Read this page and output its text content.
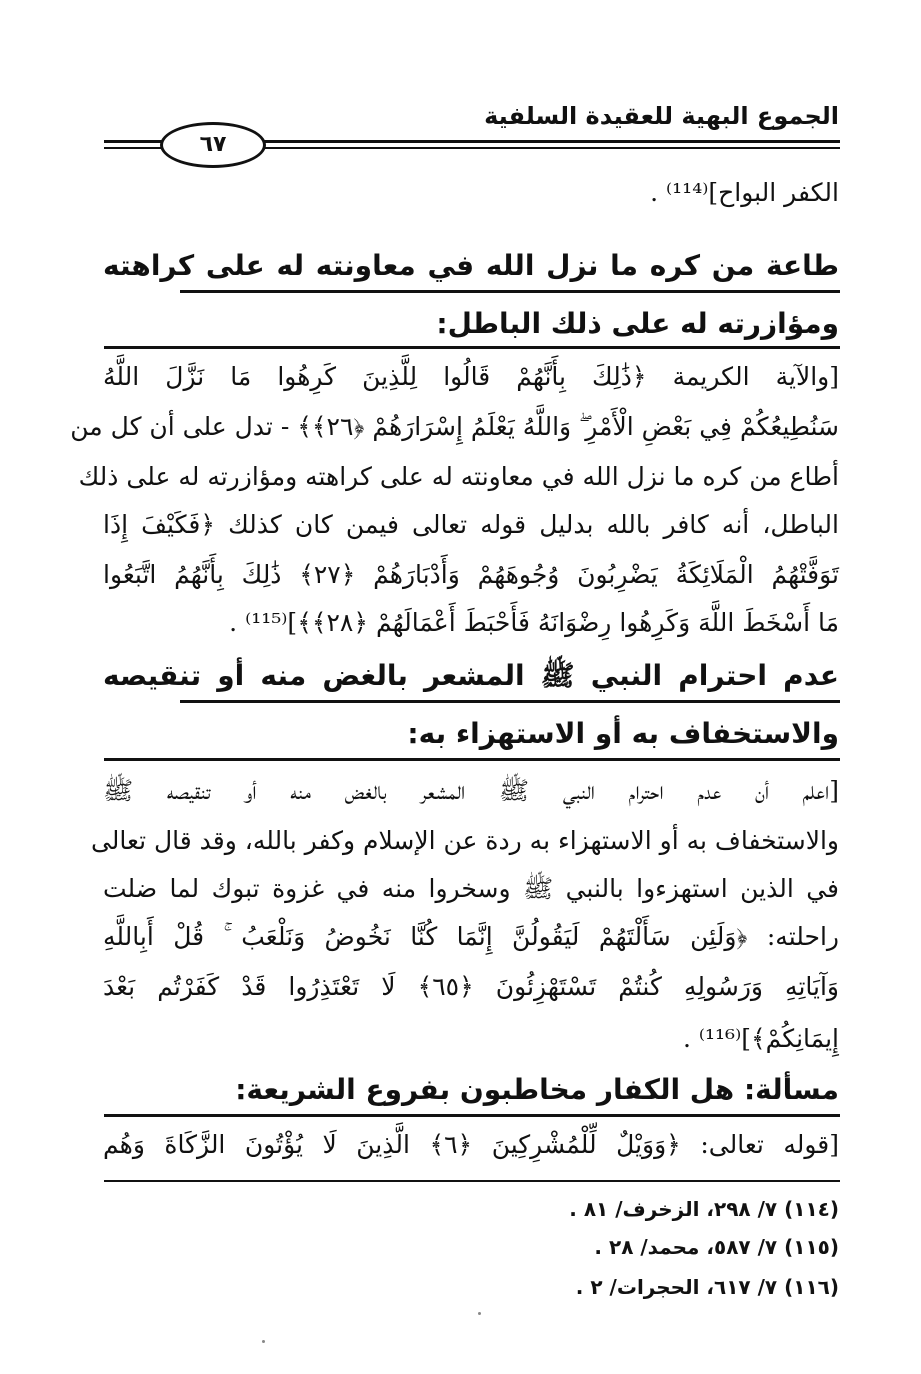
الجموع البهية للعقيدة السلفية
٦٧
الكفر البواح]⁽¹¹⁴⁾ .
طاعة من كره ما نزل الله في معاونته له على كراهته
ومؤازرته له على ذلك الباطل:
[والآية الكريمة ﴿ذَٰلِكَ بِأَنَّهُمْ قَالُوا لِلَّذِينَ كَرِهُوا مَا نَزَّلَ اللَّهُ
سَنُطِيعُكُمْ فِي بَعْضِ الْأَمْرِ ۖ وَاللَّهُ يَعْلَمُ إِسْرَارَهُمْ ﴿٢٦﴾﴾ - تدل على أن كل من
أطاع من كره ما نزل الله في معاونته له على كراهته ومؤازرته له على ذلك
الباطل، أنه كافر بالله بدليل قوله تعالى فيمن كان كذلك ﴿فَكَيْفَ إِذَا
تَوَفَّتْهُمُ الْمَلَائِكَةُ يَضْرِبُونَ وُجُوهَهُمْ وَأَدْبَارَهُمْ ﴿٢٧﴾ ذَٰلِكَ بِأَنَّهُمُ اتَّبَعُوا
مَا أَسْخَطَ اللَّهَ وَكَرِهُوا رِضْوَانَهُ فَأَحْبَطَ أَعْمَالَهُمْ ﴿٢٨﴾﴾]⁽¹¹⁵⁾ .
عدم احترام النبي ﷺ المشعر بالغض منه أو تنقيصه
والاستخفاف به أو الاستهزاء به:
[اعلم أن عدم احترام النبي ﷺ المشعر بالغض منه أو تنقيصه ﷺ
والاستخفاف به أو الاستهزاء به ردة عن الإسلام وكفر بالله، وقد قال تعالى
في الذين استهزءوا بالنبي ﷺ وسخروا منه في غزوة تبوك لما ضلت
راحلته: ﴿وَلَئِن سَأَلْتَهُمْ لَيَقُولُنَّ إِنَّمَا كُنَّا نَخُوضُ وَنَلْعَبُ ۚ قُلْ أَبِاللَّهِ
وَآيَاتِهِ وَرَسُولِهِ كُنتُمْ تَسْتَهْزِئُونَ ﴿٦٥﴾ لَا تَعْتَذِرُوا قَدْ كَفَرْتُم بَعْدَ
إِيمَانِكُمْ﴾]⁽¹¹⁶⁾ .
مسألة: هل الكفار مخاطبون بفروع الشريعة:
[قوله تعالى: ﴿وَوَيْلٌ لِّلْمُشْرِكِينَ ﴿٦﴾ الَّذِينَ لَا يُؤْتُونَ الزَّكَاةَ وَهُم
(١١٤) ٧/ ٢٩٨، الزخرف/ ٨١ .
(١١٥) ٧/ ٥٨٧، محمد/ ٢٨ .
(١١٦) ٧/ ٦١٧، الحجرات/ ٢ .
